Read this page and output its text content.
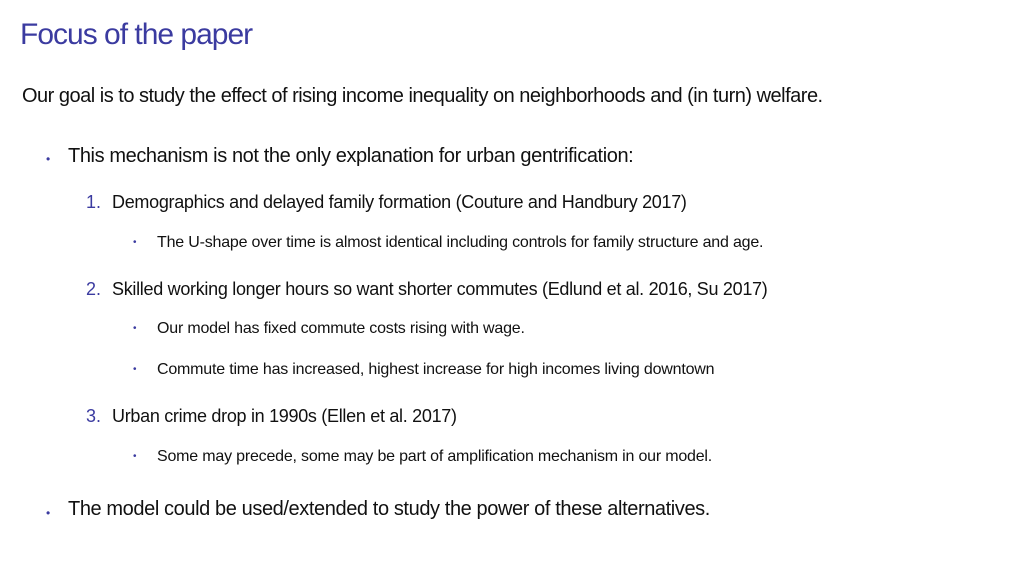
Focus of the paper
Our goal is to study the effect of rising income inequality on neighborhoods and (in turn) welfare.
• This mechanism is not the only explanation for urban gentrification:
1. Demographics and delayed family formation (Couture and Handbury 2017)
• The U-shape over time is almost identical including controls for family structure and age.
2. Skilled working longer hours so want shorter commutes (Edlund et al. 2016, Su 2017)
• Our model has fixed commute costs rising with wage.
• Commute time has increased, highest increase for high incomes living downtown
3. Urban crime drop in 1990s (Ellen et al. 2017)
• Some may precede, some may be part of amplification mechanism in our model.
• The model could be used/extended to study the power of these alternatives.
